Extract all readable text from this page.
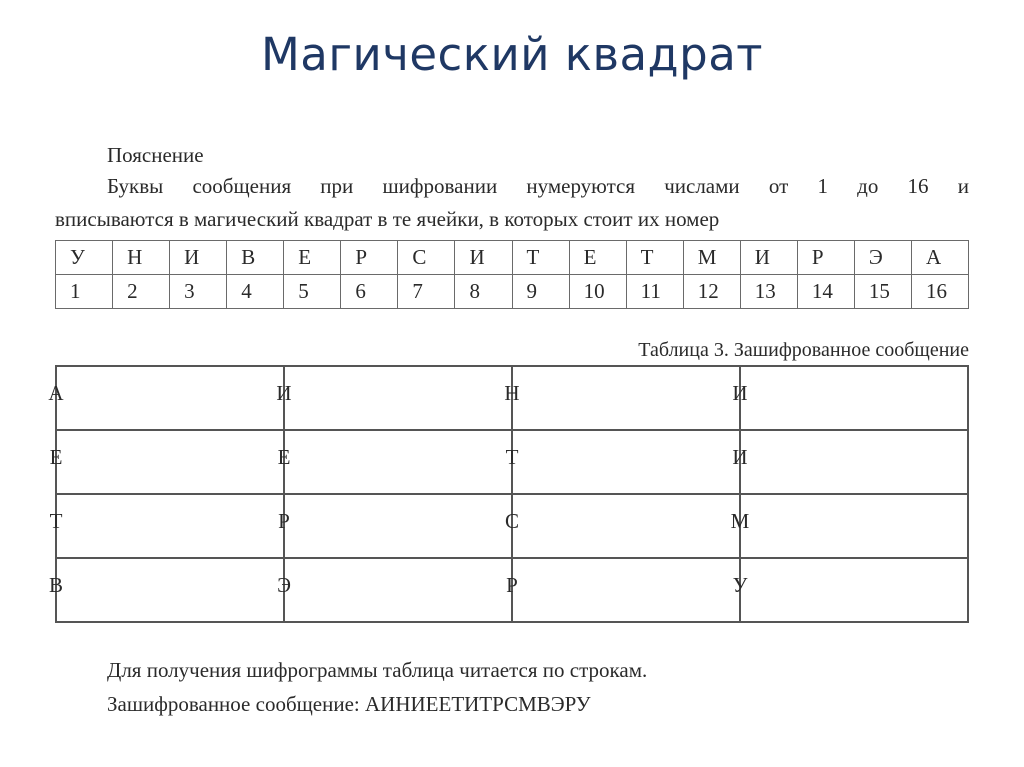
Магический квадрат
Пояснение
Буквы сообщения при шифровании нумеруются числами от 1 до 16 и
вписываются в магический квадрат в те ячейки, в которых стоит их номер
У	Н	И	В	Е	Р	С	И	Т	Е	Т	М	И	Р	Э	А
1	2	3	4	5	6	7	8	9	10	11	12	13	14	15	16
Таблица 3. Зашифрованное сообщение
А	И	Н	И
Е	Е	Т	И
Т	Р	С	М
В	Э	Р	У
Для получения шифрограммы таблица читается по строкам.
Зашифрованное сообщение: АИНИЕЕТИТРСМВЭРУ
